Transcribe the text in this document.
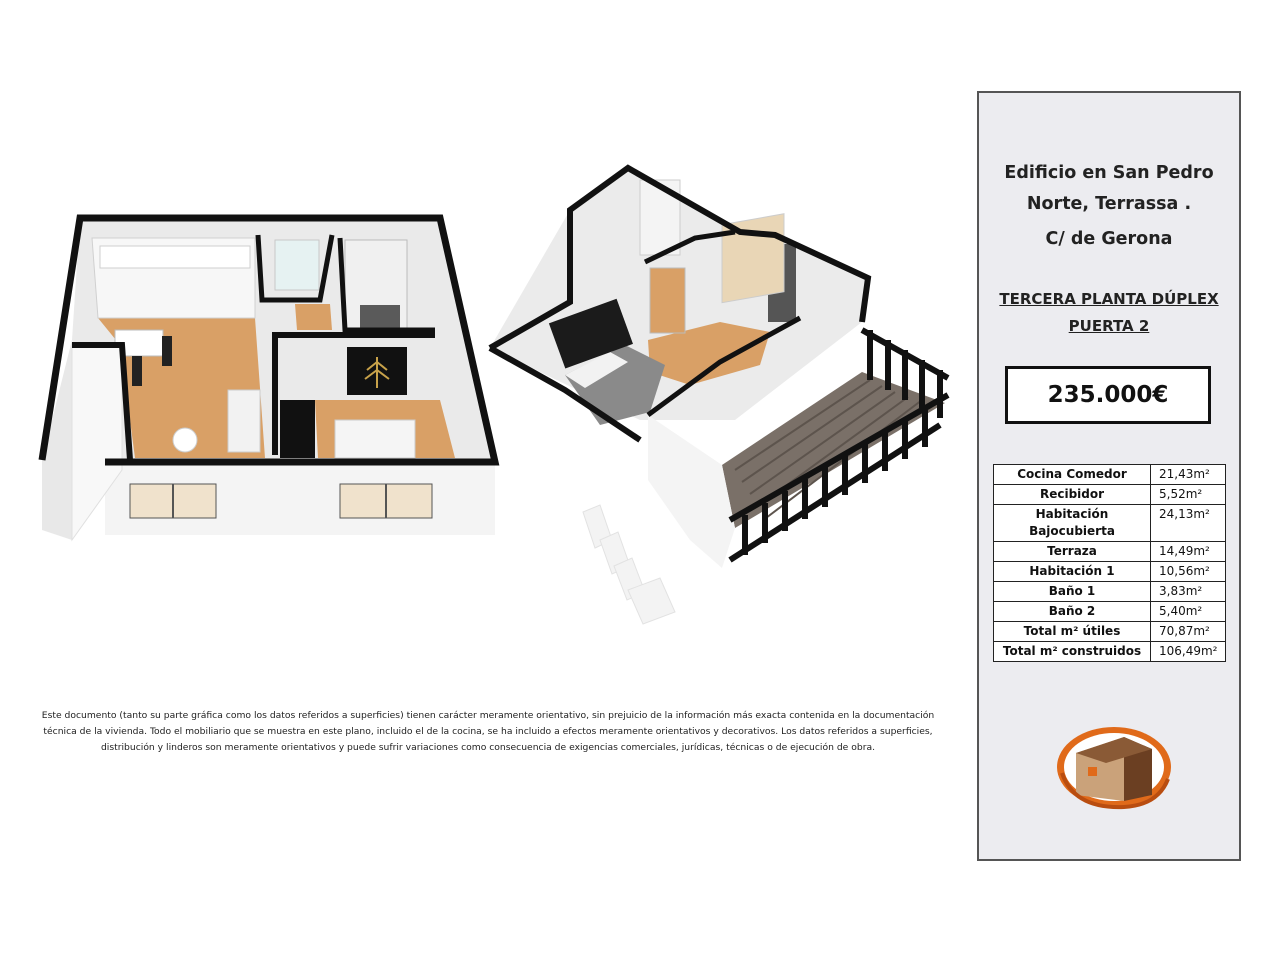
Este documento (tanto su parte gráfica como los datos referidos a superficies) tienen carácter meramente orientativo, sin prejuicio de la información más exacta contenida en la documentación técnica de la vivienda. Todo el mobiliario que se muestra en este plano, incluido el de la cocina, se ha incluido a efectos meramente orientativos y decorativos. Los datos referidos a superficies, distribución y linderos son meramente orientativos y puede sufrir variaciones como consecuencia de exigencias comerciales, jurídicas, técnicas o de ejecución de obra.
Edificio en San Pedro
Norte, Terrassa .
C/ de Gerona
TERCERA PLANTA DÚPLEX
PUERTA 2
235.000€
Cocina Comedor	21,43m²
Recibidor	5,52m²
Habitación Bajocubierta	24,13m²
Terraza	14,49m²
Habitación 1	10,56m²
Baño 1	3,83m²
Baño 2	5,40m²
Total m² útiles	70,87m²
Total m² construidos	106,49m²
